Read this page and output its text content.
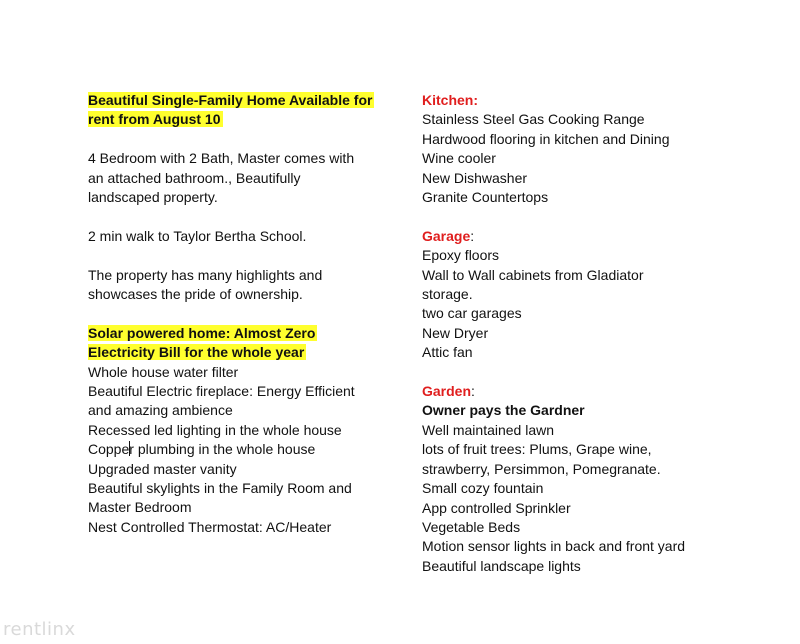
Beautiful Single-Family Home Available for
rent from August 10
4 Bedroom with 2 Bath, Master comes with
an attached bathroom., Beautifully
landscaped property.
2 min walk to Taylor Bertha School.
The property has many highlights and
showcases the pride of ownership.
Solar powered home: Almost Zero
Electricity Bill for the whole year
Whole house water filter
Beautiful Electric fireplace: Energy Efficient
and amazing ambience
Recessed led lighting in the whole house
Copper plumbing in the whole house
Upgraded master vanity
Beautiful skylights in the Family Room and
Master Bedroom
Nest Controlled Thermostat: AC/Heater
Kitchen:
Stainless Steel Gas Cooking Range
Hardwood flooring in kitchen and Dining
Wine cooler
New Dishwasher
Granite Countertops
Garage:
Epoxy floors
Wall to Wall cabinets from Gladiator
storage.
two car garages
New Dryer
Attic fan
Garden:
Owner pays the Gardner
Well maintained lawn
lots of fruit trees: Plums, Grape wine,
strawberry, Persimmon, Pomegranate.
Small cozy fountain
App controlled Sprinkler
Vegetable Beds
Motion sensor lights in back and front yard
Beautiful landscape lights
rentlinx
